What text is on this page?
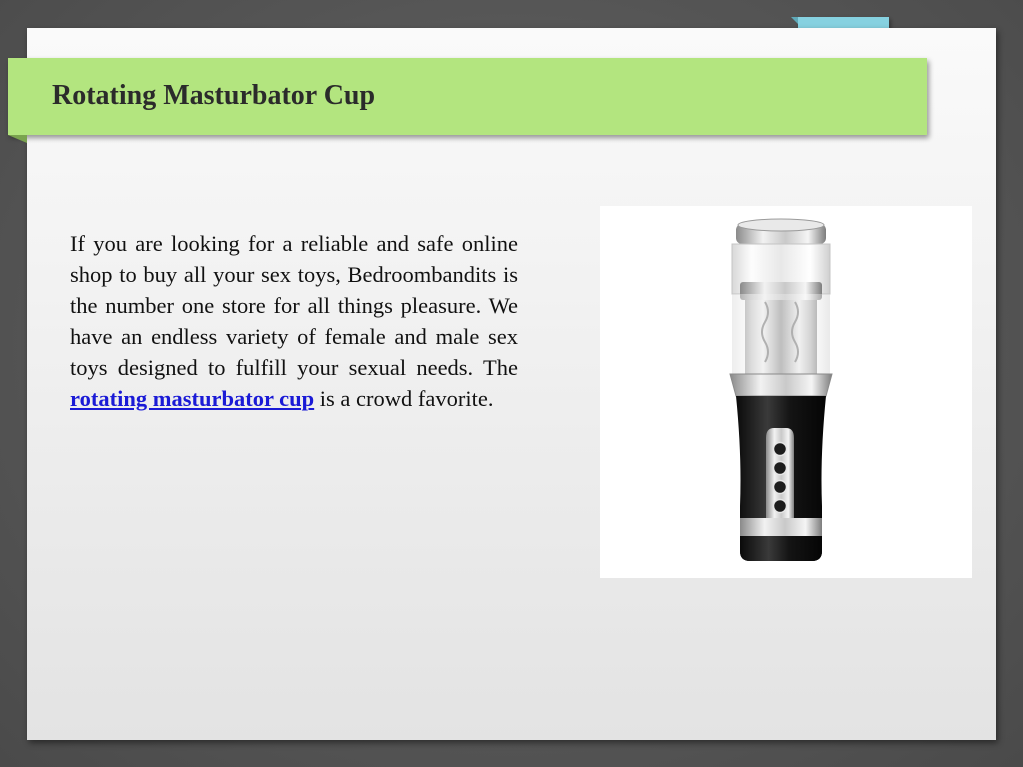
Rotating Masturbator Cup

If you are looking for a reliable and safe online shop to buy all your sex toys, Bedroombandits is the number one store for all things pleasure. We have an endless variety of female and male sex toys designed to fulfill your sexual needs. The rotating masturbator cup is a crowd favorite.
